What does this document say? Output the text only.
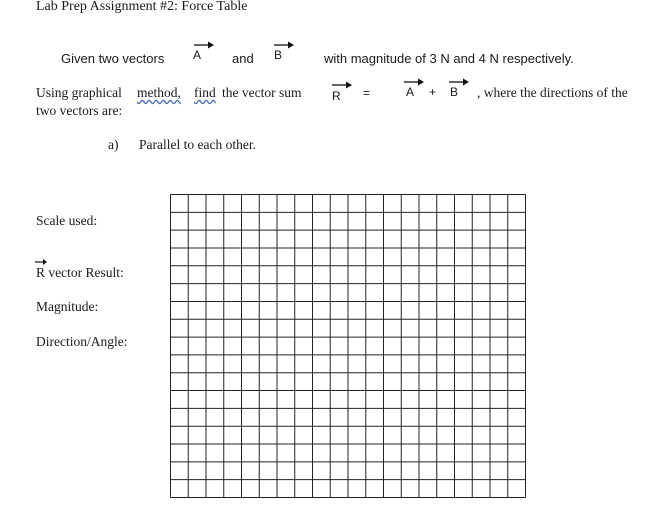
Lab Prep Assignment #2: Force Table
Given two vectors A and B	with magnitude of 3 N and 4 N respectively.
Using graphical method, find the vector sum	R =	A + B , where the directions of the
two vectors are:
a) Parallel to each other.
Scale used:
R vector Result:
Magnitude:
Direction/Angle:
